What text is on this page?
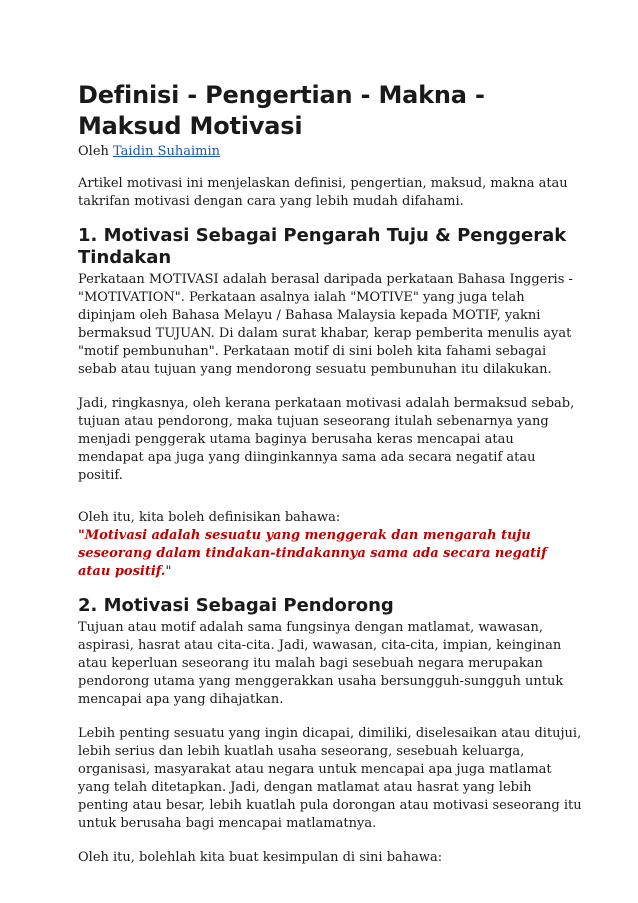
Definisi - Pengertian - Makna - Maksud Motivasi

Oleh Taidin Suhaimin

Artikel motivasi ini menjelaskan definisi, pengertian, maksud, makna atau takrifan motivasi dengan cara yang lebih mudah difahami.

1. Motivasi Sebagai Pengarah Tuju & Penggerak Tindakan

Perkataan MOTIVASI adalah berasal daripada perkataan Bahasa Inggeris - "MOTIVATION". Perkataan asalnya ialah "MOTIVE" yang juga telah dipinjam oleh Bahasa Melayu / Bahasa Malaysia kepada MOTIF, yakni bermaksud TUJUAN. Di dalam surat khabar, kerap pemberita menulis ayat "motif pembunuhan". Perkataan motif di sini boleh kita fahami sebagai sebab atau tujuan yang mendorong sesuatu pembunuhan itu dilakukan.

Jadi, ringkasnya, oleh kerana perkataan motivasi adalah bermaksud sebab, tujuan atau pendorong, maka tujuan seseorang itulah sebenarnya yang menjadi penggerak utama baginya berusaha keras mencapai atau mendapat apa juga yang diinginkannya sama ada secara negatif atau positif.

Oleh itu, kita boleh definisikan bahawa:

"Motivasi adalah sesuatu yang menggerak dan mengarah tuju seseorang dalam tindakan-tindakannya sama ada secara negatif atau positif."

2. Motivasi Sebagai Pendorong

Tujuan atau motif adalah sama fungsinya dengan matlamat, wawasan, aspirasi, hasrat atau cita-cita. Jadi, wawasan, cita-cita, impian, keinginan atau keperluan seseorang itu malah bagi sesebuah negara merupakan pendorong utama yang menggerakkan usaha bersungguh-sungguh untuk mencapai apa yang dihajatkan.

Lebih penting sesuatu yang ingin dicapai, dimiliki, diselesaikan atau ditujui, lebih serius dan lebih kuatlah usaha seseorang, sesebuah keluarga, organisasi, masyarakat atau negara untuk mencapai apa juga matlamat yang telah ditetapkan. Jadi, dengan matlamat atau hasrat yang lebih penting atau besar, lebih kuatlah pula dorongan atau motivasi seseorang itu untuk berusaha bagi mencapai matlamatnya.

Oleh itu, bolehlah kita buat kesimpulan di sini bahawa:
